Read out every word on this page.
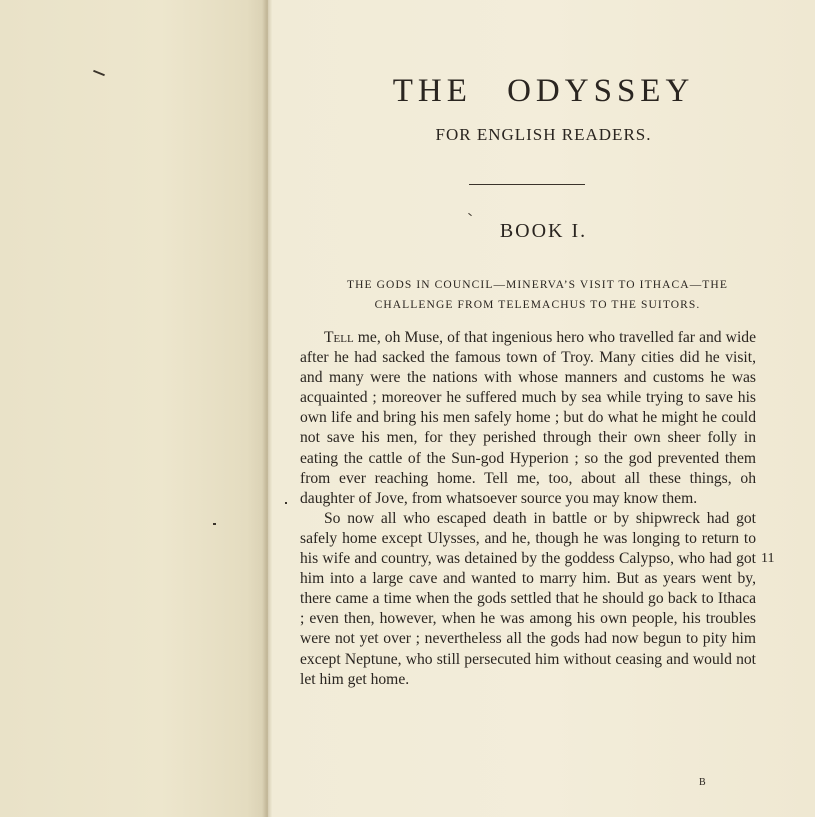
THE ODYSSEY
FOR ENGLISH READERS.
BOOK I.
THE GODS IN COUNCIL—MINERVA’S VISIT TO ITHACA—THE
CHALLENGE FROM TELEMACHUS TO THE SUITORS.

Tell me, oh Muse, of that ingenious hero who travelled far and wide after he had sacked the famous town of Troy. Many cities did he visit, and many were the nations with whose manners and customs he was acquainted ; moreover he suffered much by sea while trying to save his own life and bring his men safely home ; but do what he might he could not save his men, for they perished through their own sheer folly in eating the cattle of the Sun-god Hyperion ; so the god prevented them from ever reaching home. Tell me, too, about all these things, oh daughter of Jove, from whatsoever source you may know them.

So now all who escaped death in battle or by shipwreck had got safely home except Ulysses, and he, though he was longing to return to his wife and country, was detained by the goddess Calypso, who had got him into a large cave and wanted to marry him. But as years went by, there came a time when the gods settled that he should go back to Ithaca ; even then, however, when he was among his own people, his troubles were not yet over ; nevertheless all the gods had now begun to pity him except Neptune, who still persecuted him without ceasing and would not let him get home.

11
B
